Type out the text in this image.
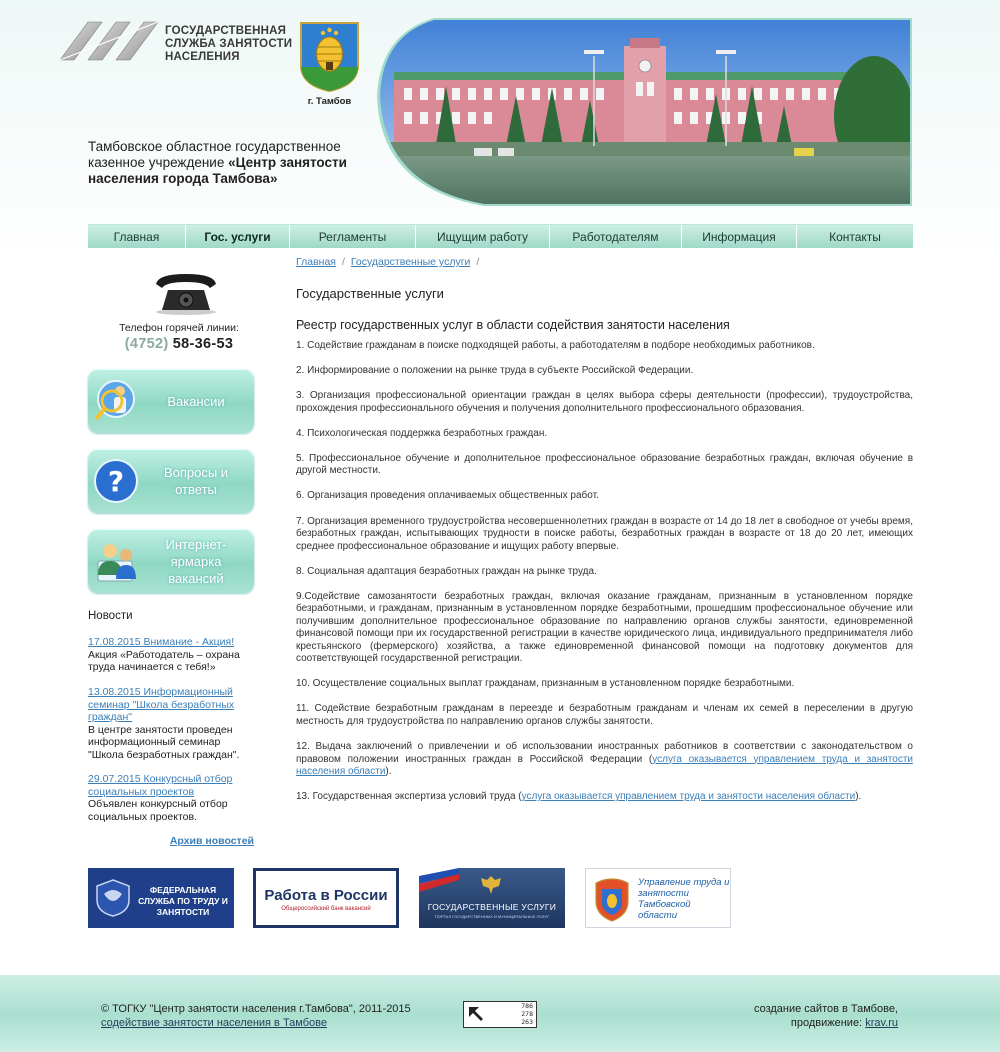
ГОСУДАРСТВЕННАЯ СЛУЖБА ЗАНЯТОСТИ НАСЕЛЕНИЯ
г. Тамбов
Тамбовское областное государственное казенное учреждение «Центр занятости населения города Тамбова»
Главная	Гос. услуги	Регламенты	Ищущим работу	Работодателям	Информация	Контакты
Телефон горячей линии:
(4752) 58-36-53
Вакансии
?	Вопросы и ответы
Интернет-ярмарка вакансий
Новости
17.08.2015 Внимание - Акция!
Акция «Работодатель – охрана труда начинается с тебя!»
13.08.2015 Информационный семинар "Школа безработных граждан"
В центре занятости проведен информационный семинар "Школа безработных граждан".
29.07.2015 Конкурсный отбор социальных проектов
Объявлен конкурсный отбор социальных проектов.
Архив новостей
Главная / Государственные услуги /
Государственные услуги
Реестр государственных услуг в области содействия занятости населения

1. Содействие гражданам в поиске подходящей работы, а работодателям в подборе необходимых работников.

2. Информирование о положении на рынке труда в субъекте Российской Федерации.

3. Организация профессиональной ориентации граждан в целях выбора сферы деятельности (профессии), трудоустройства, прохождения профессионального обучения и получения дополнительного профессионального образования.

4. Психологическая поддержка безработных граждан.

5. Профессиональное обучение и дополнительное профессиональное образование безработных граждан, включая обучение в другой местности.

6. Организация проведения оплачиваемых общественных работ.

7. Организация временного трудоустройства несовершеннолетних граждан в возрасте от 14 до 18 лет в свободное от учебы время, безработных граждан, испытывающих трудности в поиске работы, безработных граждан в возрасте от 18 до 20 лет, имеющих среднее профессиональное образование и ищущих работу впервые.

8. Социальная адаптация безработных граждан на рынке труда.

9.Содействие самозанятости безработных граждан, включая оказание гражданам, признанным в установленном порядке безработными, и гражданам, признанным в установленном порядке безработными, прошедшим профессиональное обучение или получившим дополнительное профессиональное образование по направлению органов службы занятости, единовременной финансовой помощи при их государственной регистрации в качестве юридического лица, индивидуального предпринимателя либо крестьянского (фермерского) хозяйства, а также единовременной финансовой помощи на подготовку документов для соответствующей государственной регистрации.

10. Осуществление социальных выплат гражданам, признанным в установленном порядке безработными.

11. Содействие безработным гражданам в переезде и безработным гражданам и членам их семей в переселении в другую местность для трудоустройства по направлению органов службы занятости.

12. Выдача заключений о привлечении и об использовании иностранных работников в соответствии с законодательством о правовом положении иностранных граждан в Российской Федерации (услуга оказывается управлением труда и занятости населения области).

13. Государственная экспертиза условий труда (услуга оказывается управлением труда и занятости населения области).

ФЕДЕРАЛЬНАЯ СЛУЖБА ПО ТРУДУ И ЗАНЯТОСТИ
Работа в России
Общероссийский банк вакансий	ГОСУДАРСТВЕННЫЕ УСЛУГИ
ПОРТАЛ ГОСУДАРСТВЕННЫХ И МУНИЦИПАЛЬНЫХ УСЛУГ
Управление труда и занятости Тамбовской области
© ТОГКУ "Центр занятости населения г.Тамбова", 2011-2015
содействие занятости населения в Тамбове
786
278
263
создание сайтов в Тамбове,
продвижение: krav.ru
